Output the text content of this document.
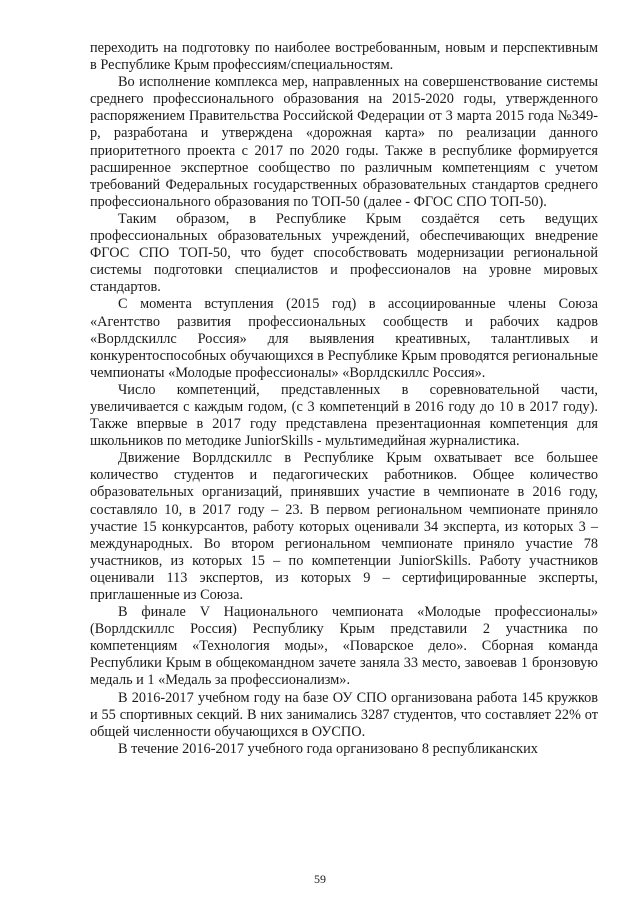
переходить на подготовку по наиболее востребованным, новым и перспективным в Республике Крым профессиям/специальностям.

Во исполнение комплекса мер, направленных на совершенствование системы среднего профессионального образования на 2015-2020 годы, утвержденного распоряжением Правительства Российской Федерации от 3 марта 2015 года №349-р, разработана и утверждена «дорожная карта» по реализации данного приоритетного проекта с 2017 по 2020 годы. Также в республике формируется расширенное экспертное сообщество по различным компетенциям с учетом требований Федеральных государственных образовательных стандартов среднего профессионального образования по ТОП-50 (далее - ФГОС СПО ТОП-50).

Таким образом, в Республике Крым создаётся сеть ведущих профессиональных образовательных учреждений, обеспечивающих внедрение ФГОС СПО ТОП-50, что будет способствовать модернизации региональной системы подготовки специалистов и профессионалов на уровне мировых стандартов.

С момента вступления (2015 год) в ассоциированные члены Союза «Агентство развития профессиональных сообществ и рабочих кадров «Ворлдскиллс Россия» для выявления креативных, талантливых и конкурентоспособных обучающихся в Республике Крым проводятся региональные чемпионаты «Молодые профессионалы» «Ворлдскиллс Россия».

Число компетенций, представленных в соревновательной части, увеличивается с каждым годом, (с 3 компетенций в 2016 году до 10 в 2017 году). Также впервые в 2017 году представлена презентационная компетенция для школьников по методике JuniorSkills - мультимедийная журналистика.

Движение Ворлдскиллс в Республике Крым охватывает все большее количество студентов и педагогических работников. Общее количество образовательных организаций, принявших участие в чемпионате в 2016 году, составляло 10, в 2017 году – 23. В первом региональном чемпионате приняло участие 15 конкурсантов, работу которых оценивали 34 эксперта, из которых 3 – международных. Во втором региональном чемпионате приняло участие 78 участников, из которых 15 – по компетенции JuniorSkills. Работу участников оценивали 113 экспертов, из которых 9 – сертифицированные эксперты, приглашенные из Союза.

В финале V Национального чемпионата «Молодые профессионалы» (Ворлдскиллс Россия) Республику Крым представили 2 участника по компетенциям «Технология моды», «Поварское дело». Сборная команда Республики Крым в общекомандном зачете заняла 33 место, завоевав 1 бронзовую медаль и 1 «Медаль за профессионализм».

В 2016-2017 учебном году на базе ОУ СПО организована работа 145 кружков и 55 спортивных секций. В них занимались 3287 студентов, что составляет 22% от общей численности обучающихся в ОУСПО.

В течение 2016-2017 учебного года организовано 8 республиканских

59
